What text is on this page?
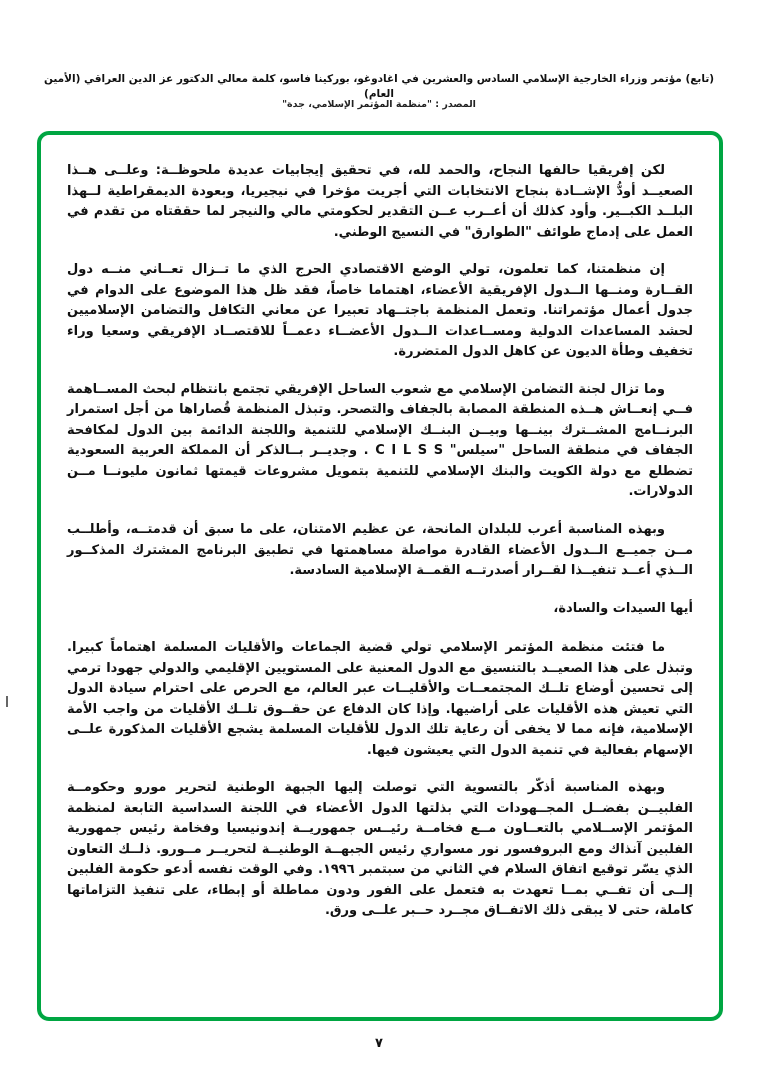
(تابع) مؤتمر وزراء الخارجية الإسلامي السادس والعشرين في اغادوغو، بوركينا فاسو، كلمة معالي الدكتور عز الدين العراقي (الأمين العام)
المصدر : "منظمة المؤتمر الإسلامي، جدة"

لكن إفريقيا حالفها النجاح، والحمد لله، في تحقيق إيجابيات عديدة ملحوظــة: وعلــى هــذا الصعيــد أودُّ الإشــادة بنجاح الانتخابات التي أجريت مؤخرا في نيجيريا، وبعودة الديمقراطية لــهذا البلــد الكبــير. وأود كذلك أن أعــرب عــن التقدير لحكومتي مالي والنيجر لما حققتاه من تقدم في العمل على إدماج طوائف "الطوارق" في النسيج الوطني.

إن منظمتنا، كما تعلمون، تولي الوضع الاقتصادي الحرج الذي ما تــزال تعــاني منــه دول القــارة ومنــها الــدول الإفريقية الأعضاء، اهتماما خاصاً، فقد ظل هذا الموضوع على الدوام في جدول أعمال مؤتمراتنا. وتعمل المنظمة باجتــهاد تعبيرا عن معاني التكافل والتضامن الإسلاميين لحشد المساعدات الدولية ومســاعدات الــدول الأعضــاء دعمــاً للاقتصــاد الإفريقي وسعيا وراء تخفيف وطأة الديون عن كاهل الدول المتضررة.

وما تزال لجنة التضامن الإسلامي مع شعوب الساحل الإفريقي تجتمع بانتظام لبحث المســاهمة فــي إنعــاش هــذه المنطقة المصابة بالجفاف والتصحر. وتبذل المنظمة قُصاراها من أجل استمرار البرنــامج المشــترك بينــها وبيــن البنــك الإسلامي للتنمية واللجنة الدائمة بين الدول لمكافحة الجفاف في منطقة الساحل "سيلس" C I L S S . وجديــر بــالذكر أن المملكة العربية السعودية تضطلع مع دولة الكويت والبنك الإسلامي للتنمية بتمويل مشروعات قيمتها ثمانون مليونــا مــن الدولارات.

وبهذه المناسبة أعرب للبلدان المانحة، عن عظيم الامتنان، على ما سبق أن قدمتــه، وأطلــب مــن جميــع الــدول الأعضاء القادرة مواصلة مساهمتها في تطبيق البرنامج المشترك المذكــور الــذي أعــد تنفيــذا لقــرار أصدرتــه القمــة الإسلامية السادسة.

أيها السيدات والسادة،

ما فتئت منظمة المؤتمر الإسلامي تولي قضية الجماعات والأقليات المسلمة اهتماماً كبيرا. وتبذل على هذا الصعيــد بالتنسيق مع الدول المعنية على المستويين الإقليمي والدولي جهودا ترمي إلى تحسين أوضاع تلــك المجتمعــات والأقليــات عبر العالم، مع الحرص على احترام سيادة الدول التي تعيش هذه الأقليات على أراضيها. وإذا كان الدفاع عن حقــوق تلــك الأقليات من واجب الأمة الإسلامية، فإنه مما لا يخفى أن رعاية تلك الدول للأقليات المسلمة يشجع الأقليات المذكورة علــى الإسهام بفعالية في تنمية الدول التي يعيشون فيها.

وبهذه المناسبة أذكّر بالتسوية التي توصلت إليها الجبهة الوطنية لتحرير مورو وحكومــة الفلبيــن بفضــل المجــهودات التي بذلتها الدول الأعضاء في اللجنة السداسية التابعة لمنظمة المؤتمر الإســلامي بالتعــاون مــع فخامــة رئيــس جمهوريــة إندونيسيا وفخامة رئيس جمهورية الفلبين آنذاك ومع البروفسور نور مسواري رئيس الجبهــة الوطنيــة لتحريــر مــورو. ذلــك التعاون الذي يسّر توقيع اتفاق السلام في الثاني من سبتمبر ١٩٩٦. وفي الوقت نفسه أدعو حكومة الفلبين إلــى أن تفــي بمــا تعهدت به فتعمل على الفور ودون مماطلة أو إبطاء، على تنفيذ التزاماتها كاملة، حتى لا يبقى ذلك الاتفــاق مجــرد حــبر علــى ورق.

٧
